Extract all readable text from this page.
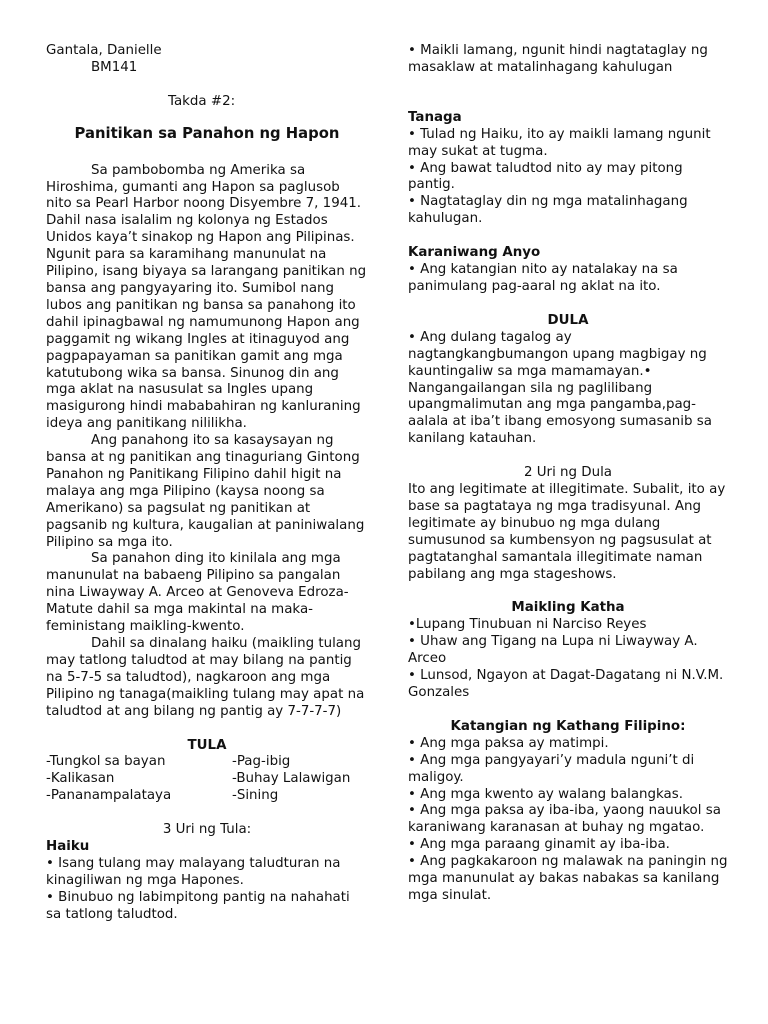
Gantala, Danielle

BM141

Takda #2:

Panitikan sa Panahon ng Hapon

Sa pambobomba ng Amerika sa Hiroshima, gumanti ang Hapon sa paglusob nito sa Pearl Harbor noong Disyembre 7, 1941. Dahil nasa isalalim ng kolonya ng Estados Unidos kaya’t sinakop ng Hapon ang Pilipinas. Ngunit para sa karamihang manunulat na Pilipino, isang biyaya sa larangang panitikan ng bansa ang pangyayaring ito. Sumibol nang lubos ang panitikan ng bansa sa panahong ito dahil ipinagbawal ng namumunong Hapon ang paggamit ng wikang Ingles at itinaguyod ang pagpapayaman sa panitikan gamit ang mga katutubong wika sa bansa. Sinunog din ang mga aklat na nasusulat sa Ingles upang masigurong hindi mababahiran ng kanluraning ideya ang panitikang nililikha.

Ang panahong ito sa kasaysayan ng bansa at ng panitikan ang tinaguriang Gintong Panahon ng Panitikang Filipino dahil higit na malaya ang mga Pilipino (kaysa noong sa Amerikano) sa pagsulat ng panitikan at pagsanib ng kultura, kaugalian at paniniwalang Pilipino sa mga ito.

Sa panahon ding ito kinilala ang mga manunulat na babaeng Pilipino sa pangalan nina Liwayway A. Arceo at Genoveva Edroza-Matute dahil sa mga makintal na maka-feministang maikling-kwento.

Dahil sa dinalang haiku (maikling tulang may tatlong taludtod at may bilang na pantig na 5-7-5 sa taludtod), nagkaroon ang mga Pilipino ng tanaga(maikling tulang may apat na taludtod at ang bilang ng pantig ay 7-7-7-7)

TULA

-Tungkol sa bayan

-Kalikasan

-Pananampalataya

-Pag-ibig

-Buhay Lalawigan

-Sining

3 Uri ng Tula:

Haiku

• Isang tulang may malayang taludturan na kinagiliwan ng mga Hapones.

• Binubuo ng labimpitong pantig na nahahati sa tatlong taludtod.

• Maikli lamang, ngunit hindi nagtataglay ng masaklaw at matalinhagang kahulugan

Tanaga

• Tulad ng Haiku, ito ay maikli lamang ngunit may sukat at tugma.

• Ang bawat taludtod nito ay may pitong pantig.

• Nagtataglay din ng mga matalinhagang kahulugan.

Karaniwang Anyo

• Ang katangian nito ay natalakay na sa panimulang pag-aaral ng aklat na ito.

DULA

• Ang dulang tagalog ay nagtangkangbumangon upang magbigay ng kauntingaliw sa mga mamamayan.• Nangangailangan sila ng paglilibang upangmalimutan ang mga pangamba,pag-aalala at iba’t ibang emosyong sumasanib sa kanilang katauhan.

2 Uri ng Dula

Ito ang legitimate at illegitimate. Subalit, ito ay base sa pagtataya ng mga tradisyunal. Ang legitimate ay binubuo ng mga dulang sumusunod sa kumbensyon ng pagsusulat at pagtatanghal samantala illegitimate naman pabilang ang mga stageshows.

Maikling Katha

•Lupang Tinubuan ni Narciso Reyes

• Uhaw ang Tigang na Lupa ni Liwayway A. Arceo

• Lunsod, Ngayon at Dagat-Dagatang ni N.V.M. Gonzales

Katangian ng Kathang Filipino:

• Ang mga paksa ay matimpi.

• Ang mga pangyayari’y madula nguni’t di maligoy.

• Ang mga kwento ay walang balangkas.

• Ang mga paksa ay iba-iba, yaong nauukol sa karaniwang karanasan at buhay ng mgatao.

• Ang mga paraang ginamit ay iba-iba.

• Ang pagkakaroon ng malawak na paningin ng mga manunulat ay bakas nabakas sa kanilang mga sinulat.
